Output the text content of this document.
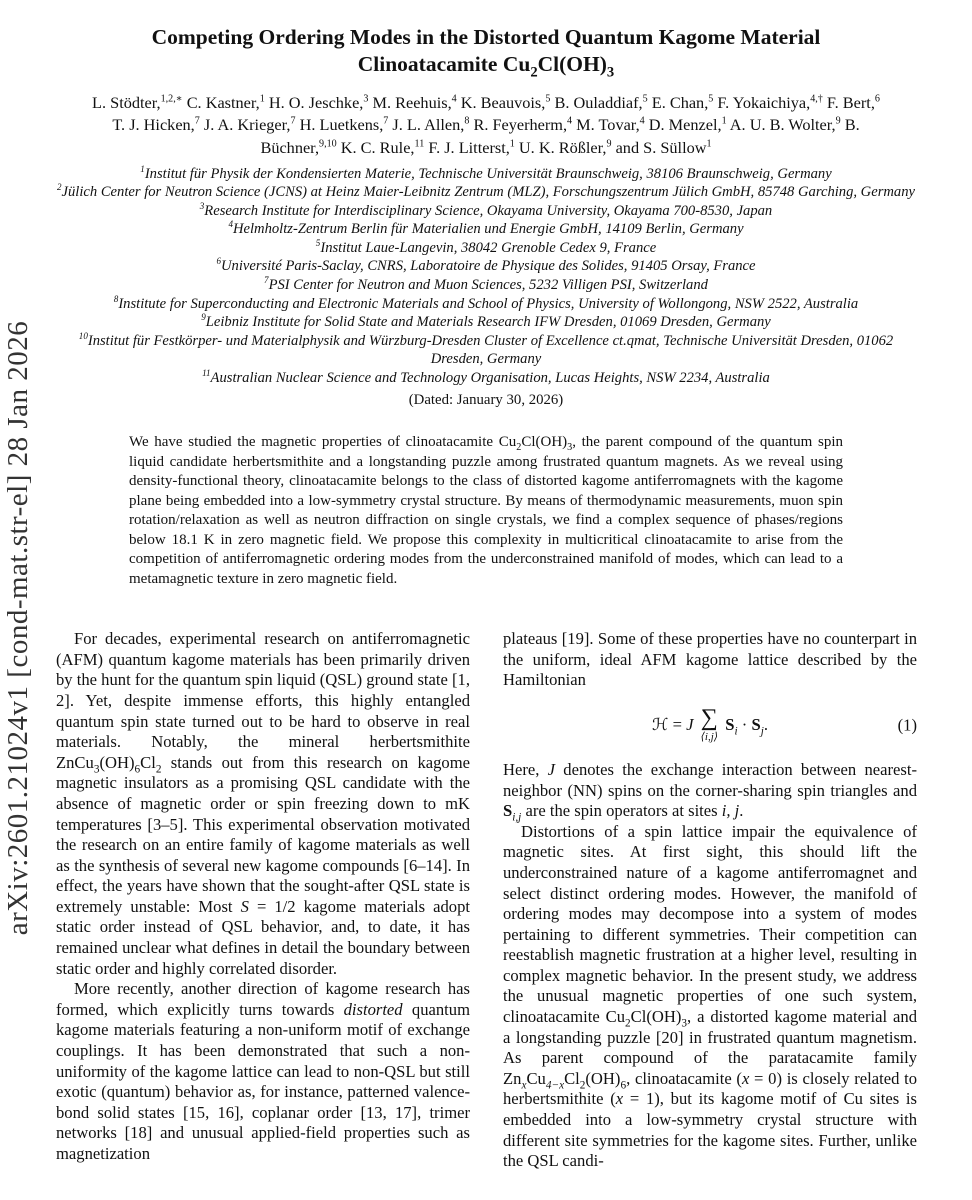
arXiv:2601.21024v1 [cond-mat.str-el] 28 Jan 2026
Competing Ordering Modes in the Distorted Quantum Kagome Material
Clinoatacamite $Cu_2Cl(OH)_3$
L. Stödter,$^{1,2,∗}$ C. Kastner,$^1$ H. O. Jeschke,$^3$ M. Reehuis,$^4$ K. Beauvois,$^5$ B. Ouladdiaf,$^5$ E. Chan,$^5$ F. Yokaichiya,$^{4,\dagger}$ F. Bert,$^6$ T. J. Hicken,$^7$ J. A. Krieger,$^7$ H. Luetkens,$^7$ J. L. Allen,$^8$ R. Feyerherm,$^4$ M. Tovar,$^4$ D. Menzel,$^1$ A. U. B. Wolter,$^9$ B. Büchner,$^{9,10}$ K. C. Rule,$^{11}$ F. J. Litterst,$^1$ U. K. Rößler,$^9$ and S. Süllow$^1$
$^1$Institut für Physik der Kondensierten Materie, Technische Universität Braunschweig, 38106 Braunschweig, Germany
$^2$Jülich Center for Neutron Science (JCNS) at Heinz Maier-Leibnitz Zentrum (MLZ), Forschungszentrum Jülich GmbH, 85748 Garching, Germany
$^3$Research Institute for Interdisciplinary Science, Okayama University, Okayama 700-8530, Japan
$^4$Helmholtz-Zentrum Berlin für Materialien und Energie GmbH, 14109 Berlin, Germany
$^5$Institut Laue-Langevin, 38042 Grenoble Cedex 9, France
$^6$Université Paris-Saclay, CNRS, Laboratoire de Physique des Solides, 91405 Orsay, France
$^7$PSI Center for Neutron and Muon Sciences, 5232 Villigen PSI, Switzerland
$^8$Institute for Superconducting and Electronic Materials and School of Physics, University of Wollongong, NSW 2522, Australia
$^9$Leibniz Institute for Solid State and Materials Research IFW Dresden, 01069 Dresden, Germany
$^{10}$Institut für Festkörper- und Materialphysik and Würzburg-Dresden Cluster of Excellence ct.qmat, Technische Universität Dresden, 01062 Dresden, Germany
$^{11}$Australian Nuclear Science and Technology Organisation, Lucas Heights, NSW 2234, Australia
(Dated: January 30, 2026)
We have studied the magnetic properties of clinoatacamite $Cu_2Cl(OH)_3$, the parent compound of the quantum spin liquid candidate herbertsmithite and a longstanding puzzle among frustrated quantum magnets. As we reveal using density-functional theory, clinoatacamite belongs to the class of distorted kagome antiferromagnets with the kagome plane being embedded into a low-symmetry crystal structure. By means of thermodynamic measurements, muon spin rotation/relaxation as well as neutron diffraction on single crystals, we find a complex sequence of phases/regions below 18.1 K in zero magnetic field. We propose this complexity in multicritical clinoatacamite to arise from the competition of antiferromagnetic ordering modes from the underconstrained manifold of modes, which can lead to a metamagnetic texture in zero magnetic field.

For decades, experimental research on antiferromagnetic (AFM) quantum kagome materials has been primarily driven by the hunt for the quantum spin liquid (QSL) ground state [1, 2]. Yet, despite immense efforts, this highly entangled quantum spin state turned out to be hard to observe in real materials. Notably, the mineral herbertsmithite $ZnCu_3(OH)_6Cl_2$ stands out from this research on kagome magnetic insulators as a promising QSL candidate with the absence of magnetic order or spin freezing down to mK temperatures [3–5]. This experimental observation motivated the research on an entire family of kagome materials as well as the synthesis of several new kagome compounds [6–14]. In effect, the years have shown that the sought-after QSL state is extremely unstable: Most S = 1/2 kagome materials adopt static order instead of QSL behavior, and, to date, it has remained unclear what defines in detail the boundary between static order and highly correlated disorder.

More recently, another direction of kagome research has formed, which explicitly turns towards distorted quantum kagome materials featuring a non-uniform motif of exchange couplings. It has been demonstrated that such a non-uniformity of the kagome lattice can lead to non-QSL but still exotic (quantum) behavior as, for instance, patterned valence-bond solid states [15, 16], coplanar order [13, 17], trimer networks [18] and unusual applied-field properties such as magnetization

plateaus [19]. Some of these properties have no counterpart in the uniform, ideal AFM kagome lattice described by the Hamiltonian

ℋ = J ∑
⟨i,j⟩
$S_i \cdot S_j$.	(1)

Here, J denotes the exchange interaction between nearest-neighbor (NN) spins on the corner-sharing spin triangles and $S_{i,j}$ are the spin operators at sites i, j.

Distortions of a spin lattice impair the equivalence of magnetic sites. At first sight, this should lift the underconstrained nature of a kagome antiferromagnet and select distinct ordering modes. However, the manifold of ordering modes may decompose into a system of modes pertaining to different symmetries. Their competition can reestablish magnetic frustration at a higher level, resulting in complex magnetic behavior. In the present study, we address the unusual magnetic properties of one such system, clinoatacamite $Cu_2Cl(OH)_3$, a distorted kagome material and a longstanding puzzle [20] in frustrated quantum magnetism. As parent compound of the paratacamite family $Zn_xCu_{4-x}Cl_2(OH)_6$, clinoatacamite (x = 0) is closely related to herbertsmithite (x = 1), but its kagome motif of Cu sites is embedded into a low-symmetry crystal structure with different site symmetries for the kagome sites. Further, unlike the QSL candi-
